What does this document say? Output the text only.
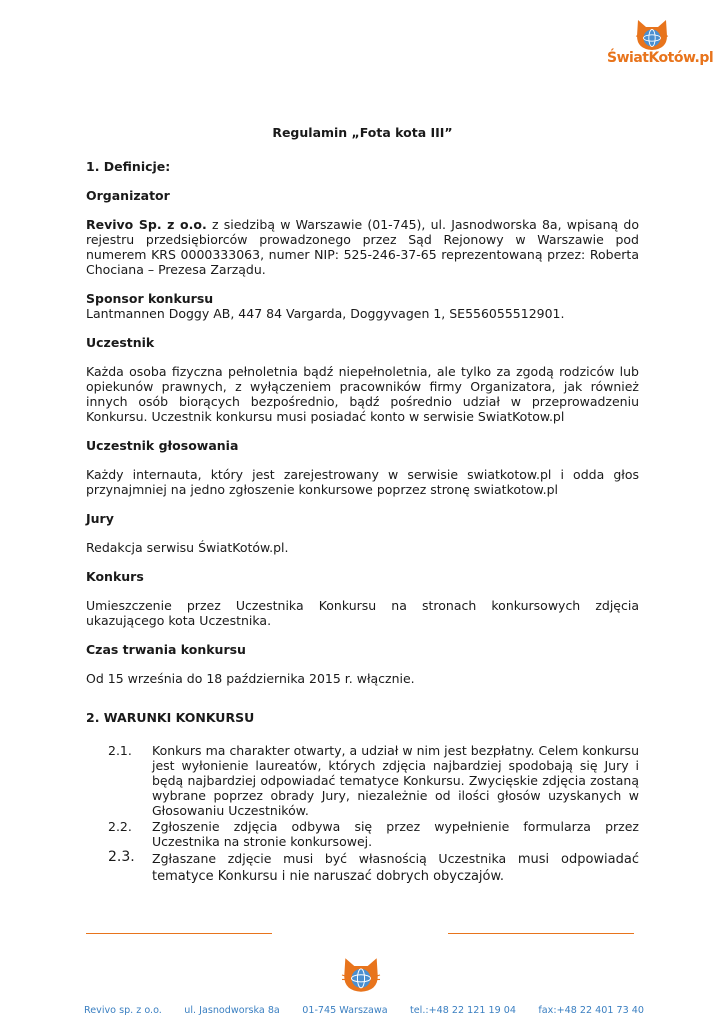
ŚwiatKotów.pl
Regulamin „Fota kota III”
1. Definicje:
Organizator
Revivo Sp. z o.o. z siedzibą w Warszawie (01-745), ul. Jasnodworska 8a, wpisaną do rejestru przedsiębiorców prowadzonego przez Sąd Rejonowy w Warszawie pod numerem KRS 0000333063, numer NIP: 525-246-37-65 reprezentowaną przez: Roberta Chociana – Prezesa Zarządu.
Sponsor konkursu
Lantmannen Doggy AB, 447 84 Vargarda, Doggyvagen 1, SE556055512901.
Uczestnik
Każda osoba fizyczna pełnoletnia bądź niepełnoletnia, ale tylko za zgodą rodziców lub opiekunów prawnych, z wyłączeniem pracowników firmy Organizatora, jak również innych osób biorących bezpośrednio, bądź pośrednio udział w przeprowadzeniu Konkursu. Uczestnik konkursu musi posiadać konto w serwisie SwiatKotow.pl
Uczestnik głosowania
Każdy internauta, który jest zarejestrowany w serwisie swiatkotow.pl i odda głos przynajmniej na jedno zgłoszenie konkursowe poprzez stronę swiatkotow.pl
Jury
Redakcja serwisu ŚwiatKotów.pl.
Konkurs
Umieszczenie przez Uczestnika Konkursu na stronach konkursowych zdjęcia ukazującego kota Uczestnika.
Czas trwania konkursu
Od 15 września do 18 października 2015 r. włącznie.
2. WARUNKI KONKURSU
2.1. Konkurs ma charakter otwarty, a udział w nim jest bezpłatny. Celem konkursu jest wyłonienie laureatów, których zdjęcia najbardziej spodobają się Jury i będą najbardziej odpowiadać tematyce Konkursu. Zwycięskie zdjęcia zostaną wybrane poprzez obrady Jury, niezależnie od ilości głosów uzyskanych w Głosowaniu Uczestników.
2.2. Zgłoszenie zdjęcia odbywa się przez wypełnienie formularza przez Uczestnika na stronie konkursowej.
2.3. Zgłaszane zdjęcie musi być własnością Uczestnika musi odpowiadać tematyce Konkursu i nie naruszać dobrych obyczajów.
Revivo sp. z o.o. ul. Jasnodworska 8a 01-745 Warszawa tel.:+48 22 121 19 04 fax:+48 22 401 73 40
